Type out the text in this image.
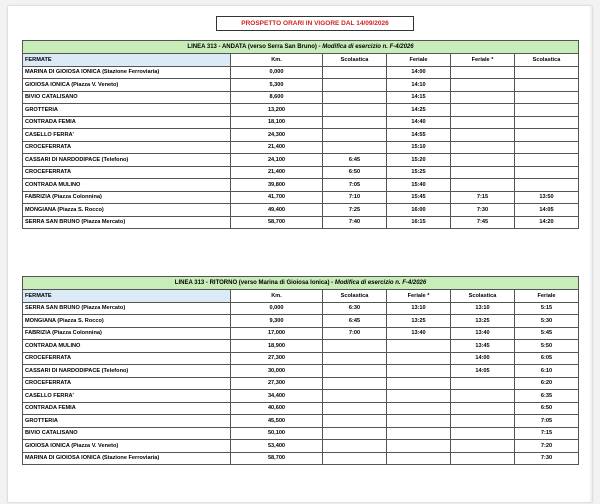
PROSPETTO ORARI IN VIGORE DAL 14/09/2026
LINEA 313 - ANDATA (verso Serra San Bruno) - Modifica di esercizio n. F-4/2026					
FERMATE	Km.	Scolastica	Feriale	Feriale *	Scolastica
MARINA DI GIOIOSA IONICA (Stazione Ferroviaria)	0,000		14:00		
GIOIOSA IONICA (Piazza V. Veneto)	5,300		14:10		
BIVIO CATALISANO	8,600		14:15		
GROTTERIA	13,200		14:25		
CONTRADA FEMIA	18,100		14:40		
CASELLO FERRA'	24,300		14:55		
CROCEFERRATA	21,400		15:10		
CASSARI DI NARDODIPACE (Telefono)	24,100	6:45	15:20		
CROCEFERRATA	21,400	6:50	15:25		
CONTRADA MULINO	39,800	7:05	15:40		
FABRIZIA (Piazza Colonnina)	41,700	7:10	15:45	7:15	13:50
MONGIANA (Piazza S. Rocco)	49,400	7:25	16:00	7:30	14:05
SERRA SAN BRUNO (Piazza Mercato)	58,700	7:40	16:15	7:45	14:20
LINEA 313 - RITORNO (verso Marina di Gioiosa Ionica) - Modifica di esercizio n. F-4/2026					
FERMATE	Km.	Scolastica	Feriale *	Scolastica	Feriale
SERRA SAN BRUNO (Piazza Mercato)	0,000	6:30	13:10	13:10	5:15
MONGIANA (Piazza S. Rocco)	9,300	6:45	13:25	13:25	5:30
FABRIZIA (Piazza Colonnina)	17,000	7:00	13:40	13:40	5:45
CONTRADA MULINO	18,900			13:45	5:50
CROCEFERRATA	27,300			14:00	6:05
CASSARI DI NARDODIPACE (Telefono)	30,000			14:05	6:10
CROCEFERRATA	27,300				6:20
CASELLO FERRA'	34,400				6:35
CONTRADA FEMIA	40,600				6:50
GROTTERIA	45,500				7:05
BIVIO CATALISANO	50,100				7:15
GIOIOSA IONICA (Piazza V. Veneto)	53,400				7:20
MARINA DI GIOIOSA IONICA (Stazione Ferroviaria)	58,700				7:30
